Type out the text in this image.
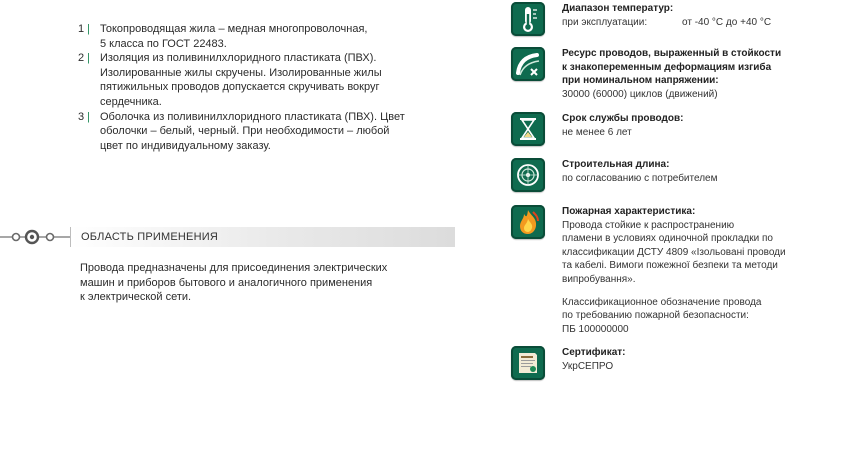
1 | Токопроводящая жила – медная многопроволочная,
5 класса по ГОСТ 22483.
2 | Изоляция из поливинилхлоридного пластиката (ПВХ).
Изолированные жилы скручены. Изолированные жилы
пятижильных проводов допускается скручивать вокруг
сердечника.
3 | Оболочка из поливинилхлоридного пластиката (ПВХ). Цвет
оболочки – белый, черный. При необходимости – любой
цвет по индивидуальному заказу.
ОБЛАСТЬ ПРИМЕНЕНИЯ
Провода предназначены для присоединения электрических
машин и приборов бытового и аналогичного применения
к электрической сети.
Диапазон температур:
при эксплуатации:	от -40 °С до +40 °С
Ресурс проводов, выраженный в стойкости
к знакопеременным деформациям изгиба
при номинальном напряжении:
30000 (60000) циклов (движений)
Срок службы проводов:
не менее 6 лет
Строительная длина:
по согласованию с потребителем
Пожарная характеристика:
Провода стойкие к распространению
пламени в условиях одиночной прокладки по
классификации ДСТУ 4809 «Ізольовані проводи
та кабелі. Вимоги пожежної безпеки та методи
випробування».
Классификационное обозначение провода
по требованию пожарной безопасности:
ПБ 100000000
Сертификат:
УкрСЕПРО
